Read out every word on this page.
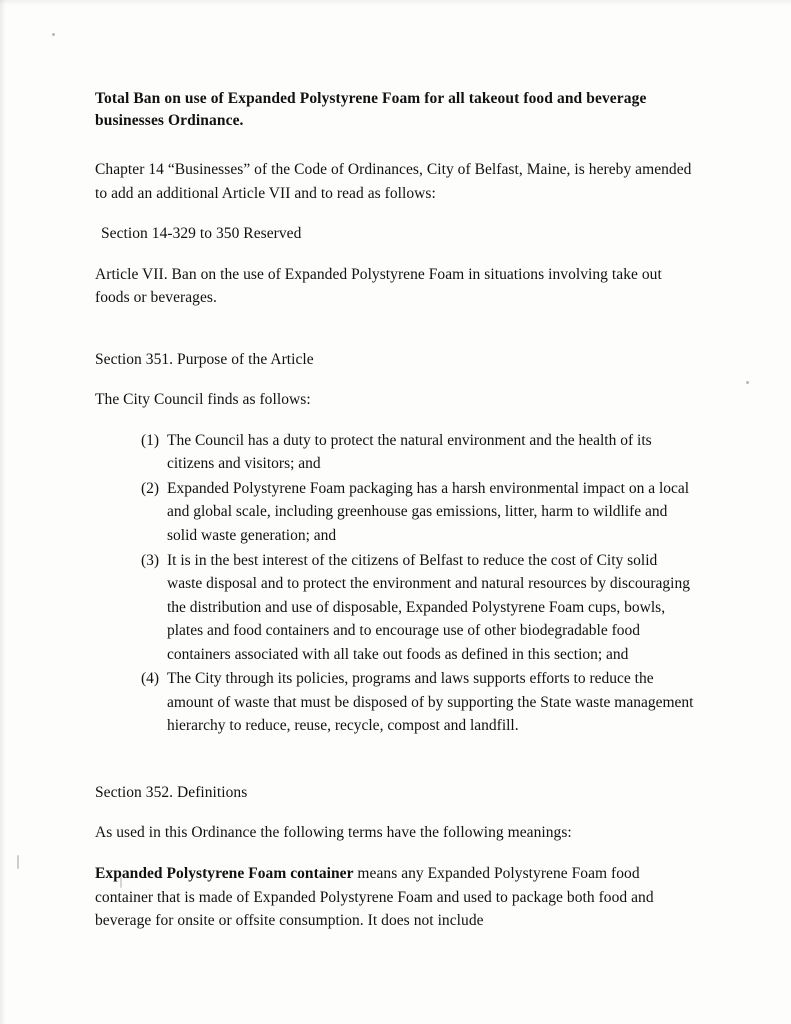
Total Ban on use of Expanded Polystyrene Foam for all takeout food and beverage businesses Ordinance.

Chapter 14 “Businesses” of the Code of Ordinances, City of Belfast, Maine, is hereby amended to add an additional Article VII and to read as follows:

Section 14-329 to 350 Reserved

Article VII. Ban on the use of Expanded Polystyrene Foam in situations involving take out foods or beverages.

Section 351. Purpose of the Article

The City Council finds as follows:

(1) The Council has a duty to protect the natural environment and the health of its citizens and visitors; and
(2) Expanded Polystyrene Foam packaging has a harsh environmental impact on a local and global scale, including greenhouse gas emissions, litter, harm to wildlife and solid waste generation; and
(3) It is in the best interest of the citizens of Belfast to reduce the cost of City solid waste disposal and to protect the environment and natural resources by discouraging the distribution and use of disposable, Expanded Polystyrene Foam cups, bowls, plates and food containers and to encourage use of other biodegradable food containers associated with all take out foods as defined in this section; and
(4) The City through its policies, programs and laws supports efforts to reduce the amount of waste that must be disposed of by supporting the State waste management hierarchy to reduce, reuse, recycle, compost and landfill.

Section 352. Definitions

As used in this Ordinance the following terms have the following meanings:

Expanded Polystyrene Foam container means any Expanded Polystyrene Foam food container that is made of Expanded Polystyrene Foam and used to package both food and beverage for onsite or offsite consumption. It does not include
